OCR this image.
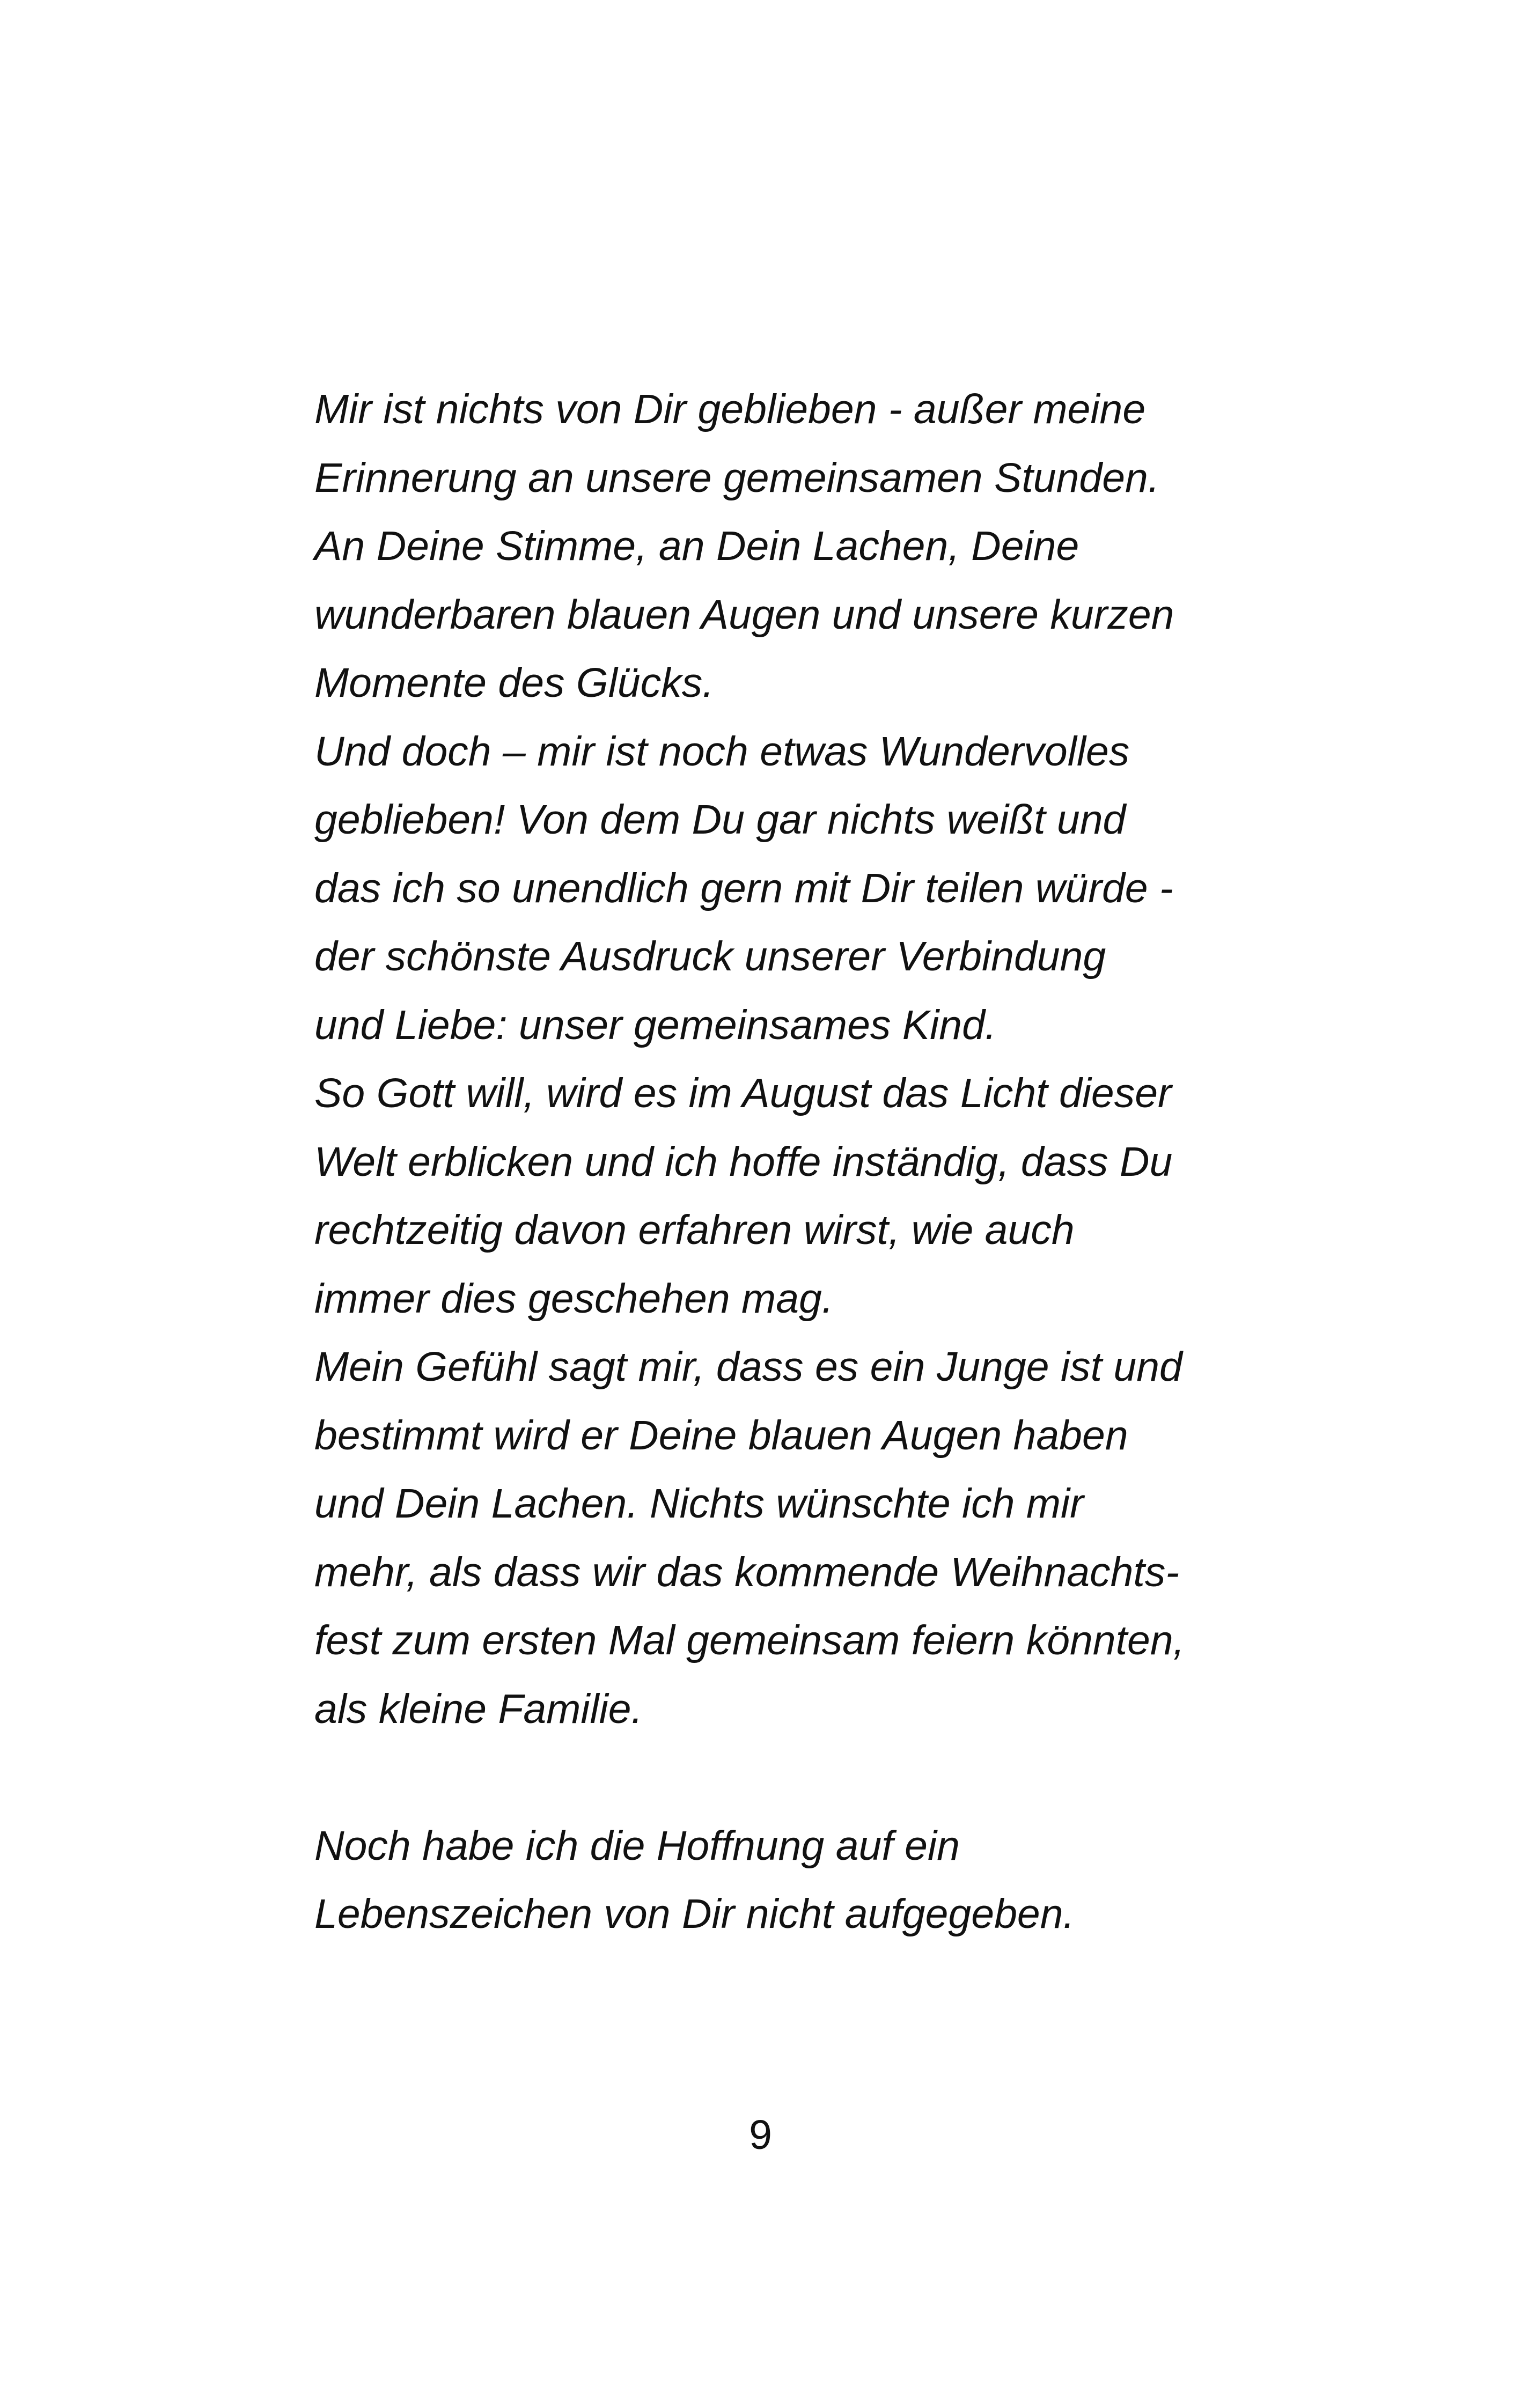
Mir ist nichts von Dir geblieben - außer meine
Erinnerung an unsere gemeinsamen Stunden.
An Deine Stimme, an Dein Lachen, Deine
wunderbaren blauen Augen und unsere kurzen
Momente des Glücks.
Und doch – mir ist noch etwas Wundervolles
geblieben! Von dem Du gar nichts weißt und
das ich so unendlich gern mit Dir teilen würde -
der schönste Ausdruck unserer Verbindung
und Liebe: unser gemeinsames Kind.
So Gott will, wird es im August das Licht dieser
Welt erblicken und ich hoffe inständig, dass Du
rechtzeitig davon erfahren wirst, wie auch
immer dies geschehen mag.
Mein Gefühl sagt mir, dass es ein Junge ist und
bestimmt wird er Deine blauen Augen haben
und Dein Lachen. Nichts wünschte ich mir
mehr, als dass wir das kommende Weihnachts-
fest zum ersten Mal gemeinsam feiern könnten,
als kleine Familie.
Noch habe ich die Hoffnung auf ein
Lebenszeichen von Dir nicht aufgegeben.
9
